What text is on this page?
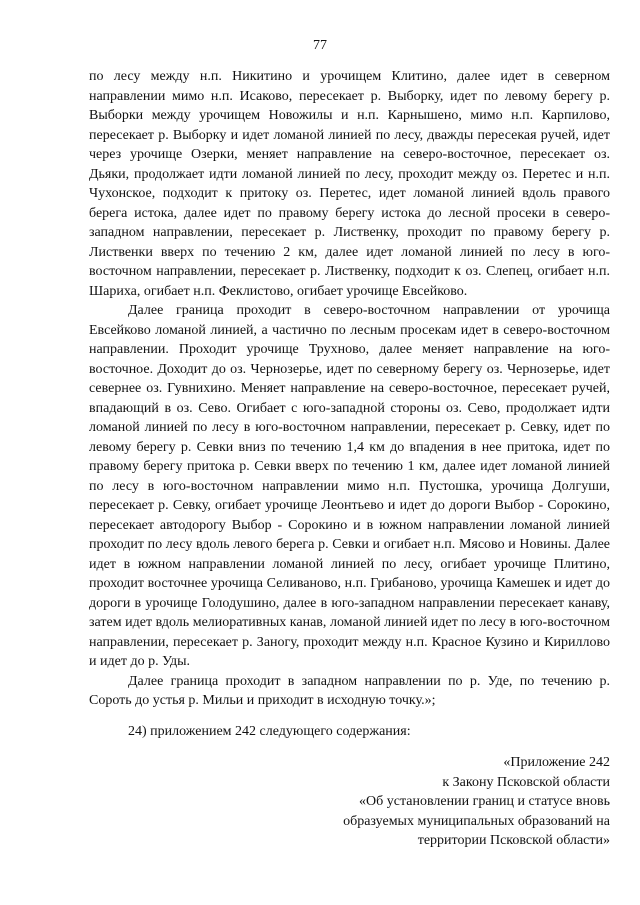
77

по лесу между н.п. Никитино и урочищем Клитино, далее идет в северном направлении мимо н.п. Исаково, пересекает р. Выборку, идет по левому берегу р. Выборки между урочищем Новожилы и н.п. Карнышено, мимо н.п. Карпилово, пересекает р. Выборку и идет ломаной линией по лесу, дважды пересекая ручей, идет через урочище Озерки, меняет направление на северо-восточное, пересекает оз. Дьяки, продолжает идти ломаной линией по лесу, проходит между оз. Перетес и н.п. Чухонское, подходит к притоку оз. Перетес, идет ломаной линией вдоль правого берега истока, далее идет по правому берегу истока до лесной просеки в северо-западном направлении, пересекает р. Лиственку, проходит по правому берегу р. Лиственки вверх по течению 2 км, далее идет ломаной линией по лесу в юго-восточном направлении, пересекает р. Лиственку, подходит к оз. Слепец, огибает н.п. Шариха, огибает н.п. Феклистово, огибает урочище Евсейково.

Далее граница проходит в северо-восточном направлении от урочища Евсейково ломаной линией, а частично по лесным просекам идет в северо-восточном направлении. Проходит урочище Трухново, далее меняет направление на юго-восточное. Доходит до оз. Чернозерье, идет по северному берегу оз. Чернозерье, идет севернее оз. Гувнихино. Меняет направление на северо-восточное, пересекает ручей, впадающий в оз. Сево. Огибает с юго-западной стороны оз. Сево, продолжает идти ломаной линией по лесу в юго-восточном направлении, пересекает р. Севку, идет по левому берегу р. Севки вниз по течению 1,4 км до впадения в нее притока, идет по правому берегу притока р. Севки вверх по течению 1 км, далее идет ломаной линией по лесу в юго-восточном направлении мимо н.п. Пустошка, урочища Долгуши, пересекает р. Севку, огибает урочище Леонтьево и идет до дороги Выбор - Сорокино, пересекает автодорогу Выбор - Сорокино и в южном направлении ломаной линией проходит по лесу вдоль левого берега р. Севки и огибает н.п. Мясово и Новины. Далее идет в южном направлении ломаной линией по лесу, огибает урочище Плитино, проходит восточнее урочища Селиваново, н.п. Грибаново, урочища Камешек и идет до дороги в урочище Голодушино, далее в юго-западном направлении пересекает канаву, затем идет вдоль мелиоративных канав, ломаной линией идет по лесу в юго-восточном направлении, пересекает р. Заногу, проходит между н.п. Красное Кузино и Кириллово и идет до р. Уды.

Далее граница проходит в западном направлении по р. Уде, по течению р. Сороть до устья р. Мильи и приходит в исходную точку.»;

24) приложением 242 следующего содержания:
«Приложение 242
к Закону Псковской области
«Об установлении границ и статусе вновь
образуемых муниципальных образований на
территории Псковской области»
